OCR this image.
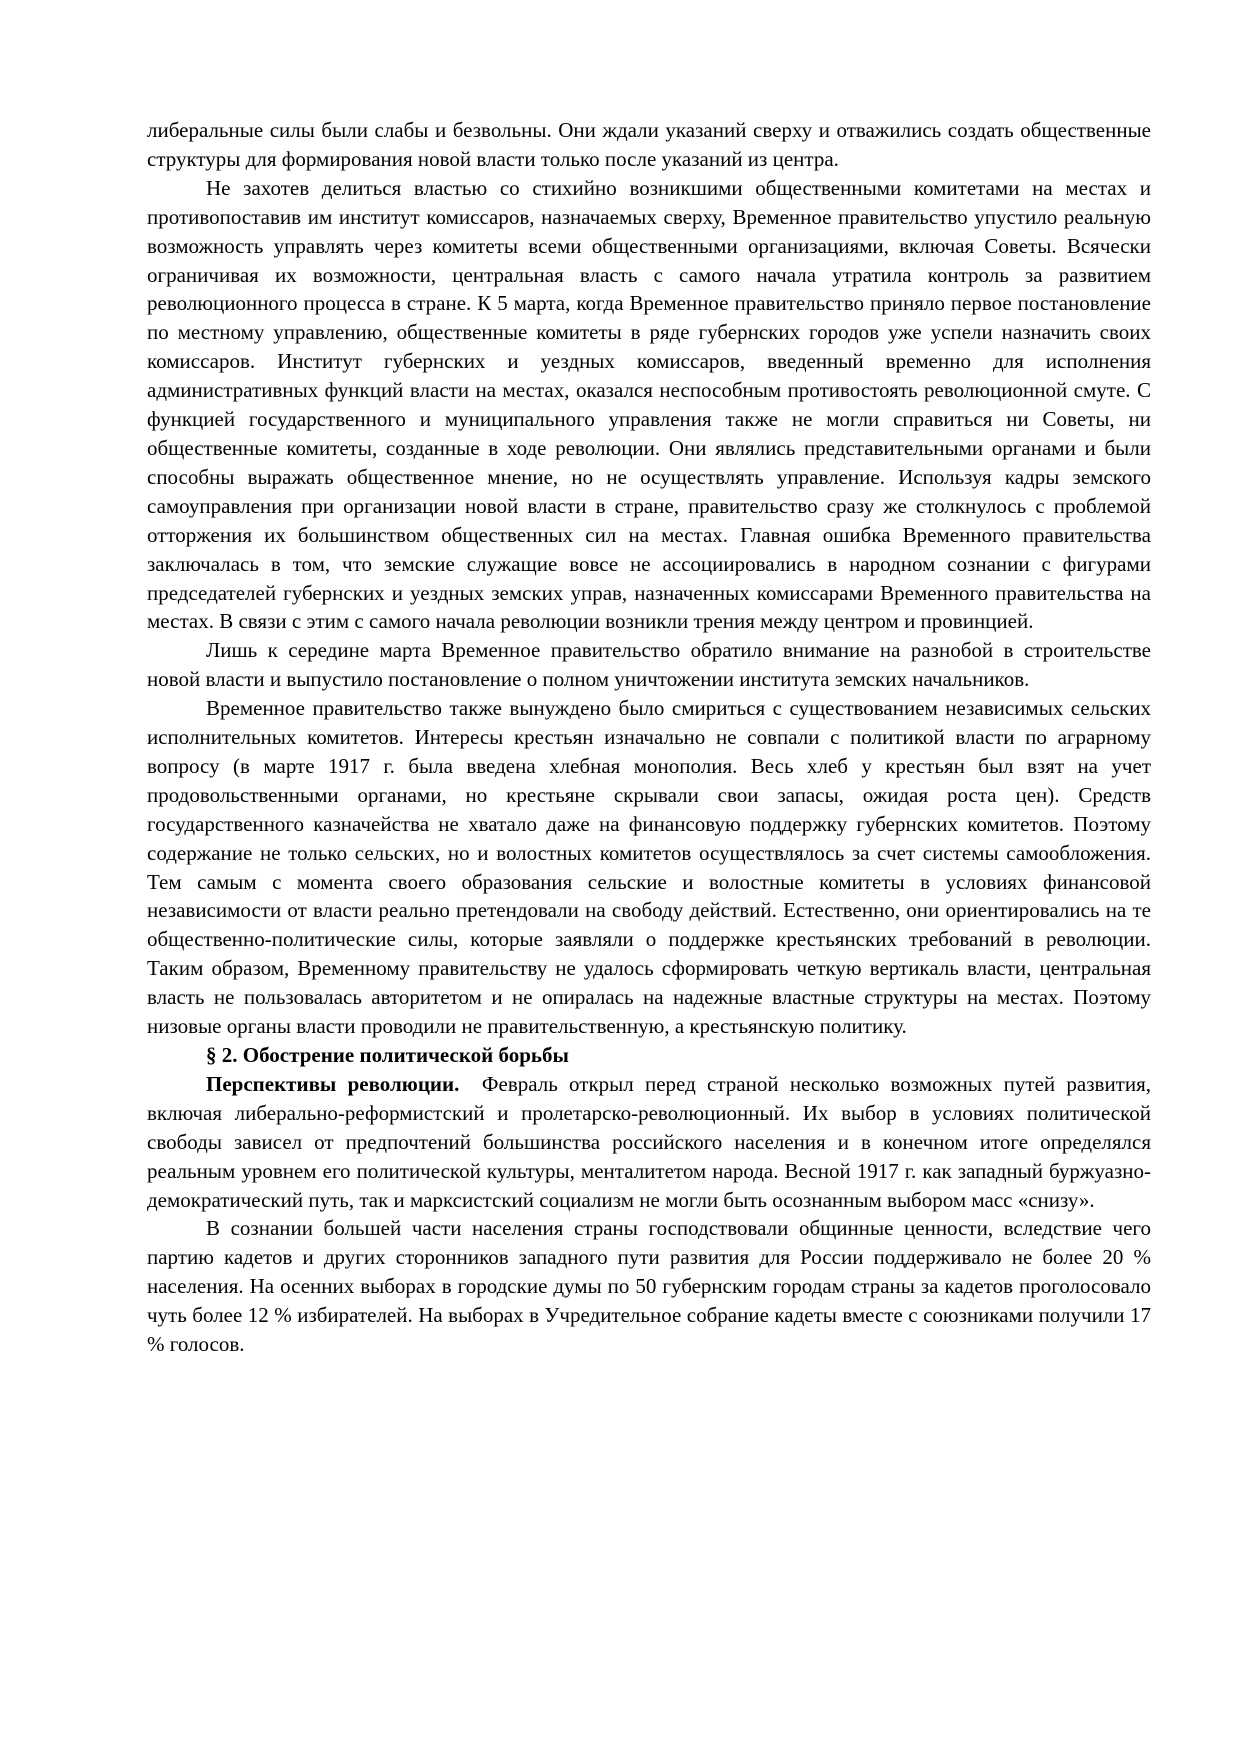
либеральные силы были слабы и безвольны. Они ждали указаний сверху и отважились создать общественные структуры для формирования новой власти только после указаний из центра.

Не захотев делиться властью со стихийно возникшими общественными комитетами на местах и противопоставив им институт комиссаров, назначаемых сверху, Временное правительство упустило реальную возможность управлять через комитеты всеми общественными организациями, включая Советы. Всячески ограничивая их возможности, центральная власть с самого начала утратила контроль за развитием революционного процесса в стране. К 5 марта, когда Временное правительство приняло первое постановление по местному управлению, общественные комитеты в ряде губернских городов уже успели назначить своих комиссаров. Институт губернских и уездных комиссаров, введенный временно для исполнения административных функций власти на местах, оказался неспособным противостоять революционной смуте. С функцией государственного и муниципального управления также не могли справиться ни Советы, ни общественные комитеты, созданные в ходе революции. Они являлись представительными органами и были способны выражать общественное мнение, но не осуществлять управление. Используя кадры земского самоуправления при организации новой власти в стране, правительство сразу же столкнулось с проблемой отторжения их большинством общественных сил на местах. Главная ошибка Временного правительства заключалась в том, что земские служащие вовсе не ассоциировались в народном сознании с фигурами председателей губернских и уездных земских управ, назначенных комиссарами Временного правительства на местах. В связи с этим с самого начала революции возникли трения между центром и провинцией.

Лишь к середине марта Временное правительство обратило внимание на разнобой в строительстве новой власти и выпустило постановление о полном уничтожении института земских начальников.

Временное правительство также вынуждено было смириться с существованием независимых сельских исполнительных комитетов. Интересы крестьян изначально не совпали с политикой власти по аграрному вопросу (в марте 1917 г. была введена хлебная монополия. Весь хлеб у крестьян был взят на учет продовольственными органами, но крестьяне скрывали свои запасы, ожидая роста цен). Средств государственного казначейства не хватало даже на финансовую поддержку губернских комитетов. Поэтому содержание не только сельских, но и волостных комитетов осуществлялось за счет системы самообложения. Тем самым с момента своего образования сельские и волостные комитеты в условиях финансовой независимости от власти реально претендовали на свободу действий. Естественно, они ориентировались на те общественно-политические силы, которые заявляли о поддержке крестьянских требований в революции. Таким образом, Временному правительству не удалось сформировать четкую вертикаль власти, центральная власть не пользовалась авторитетом и не опиралась на надежные властные структуры на местах. Поэтому низовые органы власти проводили не правительственную, а крестьянскую политику.

§ 2. Обострение политической борьбы

Перспективы революции. Февраль открыл перед страной несколько возможных путей развития, включая либерально-реформистский и пролетарско-революционный. Их выбор в условиях политической свободы зависел от предпочтений большинства российского населения и в конечном итоге определялся реальным уровнем его политической культуры, менталитетом народа. Весной 1917 г. как западный буржуазно-демократический путь, так и марксистский социализм не могли быть осознанным выбором масс «снизу».

В сознании большей части населения страны господствовали общинные ценности, вследствие чего партию кадетов и других сторонников западного пути развития для России поддерживало не более 20 % населения. На осенних выборах в городские думы по 50 губернским городам страны за кадетов проголосовало чуть более 12 % избирателей. На выборах в Учредительное собрание кадеты вместе с союзниками получили 17 % голосов.
